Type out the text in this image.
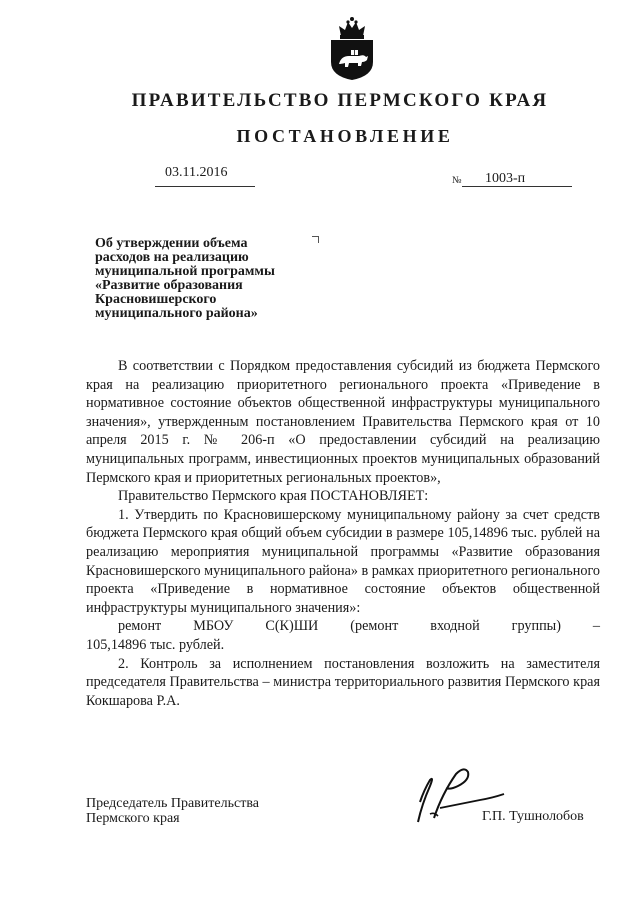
ПРАВИТЕЛЬСТВО ПЕРМСКОГО КРАЯ
ПОСТАНОВЛЕНИЕ
03.11.2016
№ 1003-п
Об утверждении объема
расходов на реализацию
муниципальной программы
«Развитие образования
Красновишерского
муниципального района»

В соответствии с Порядком предоставления субсидий из бюджета Пермского края на реализацию приоритетного регионального проекта «Приведение в нормативное состояние объектов общественной инфраструктуры муниципального значения», утвержденным постановлением Правительства Пермского края от 10 апреля 2015 г. № 206-п «О предоставлении субсидий на реализацию муниципальных программ, инвестиционных проектов муниципальных образований Пермского края и приоритетных региональных проектов»,

Правительство Пермского края ПОСТАНОВЛЯЕТ:

1. Утвердить по Красновишерскому муниципальному району за счет средств бюджета Пермского края общий объем субсидии в размере 105,14896 тыс. рублей на реализацию мероприятия муниципальной программы «Развитие образования Красновишерского муниципального района» в рамках приоритетного регионального проекта «Приведение в нормативное состояние объектов общественной инфраструктуры муниципального значения»:

ремонт МБОУ С(К)ШИ (ремонт входной группы) –

105,14896 тыс. рублей.

2. Контроль за исполнением постановления возложить на заместителя председателя Правительства – министра территориального развития Пермского края Кокшарова Р.А.

Председатель Правительства
Пермского края	Г.П. Тушнолобов
